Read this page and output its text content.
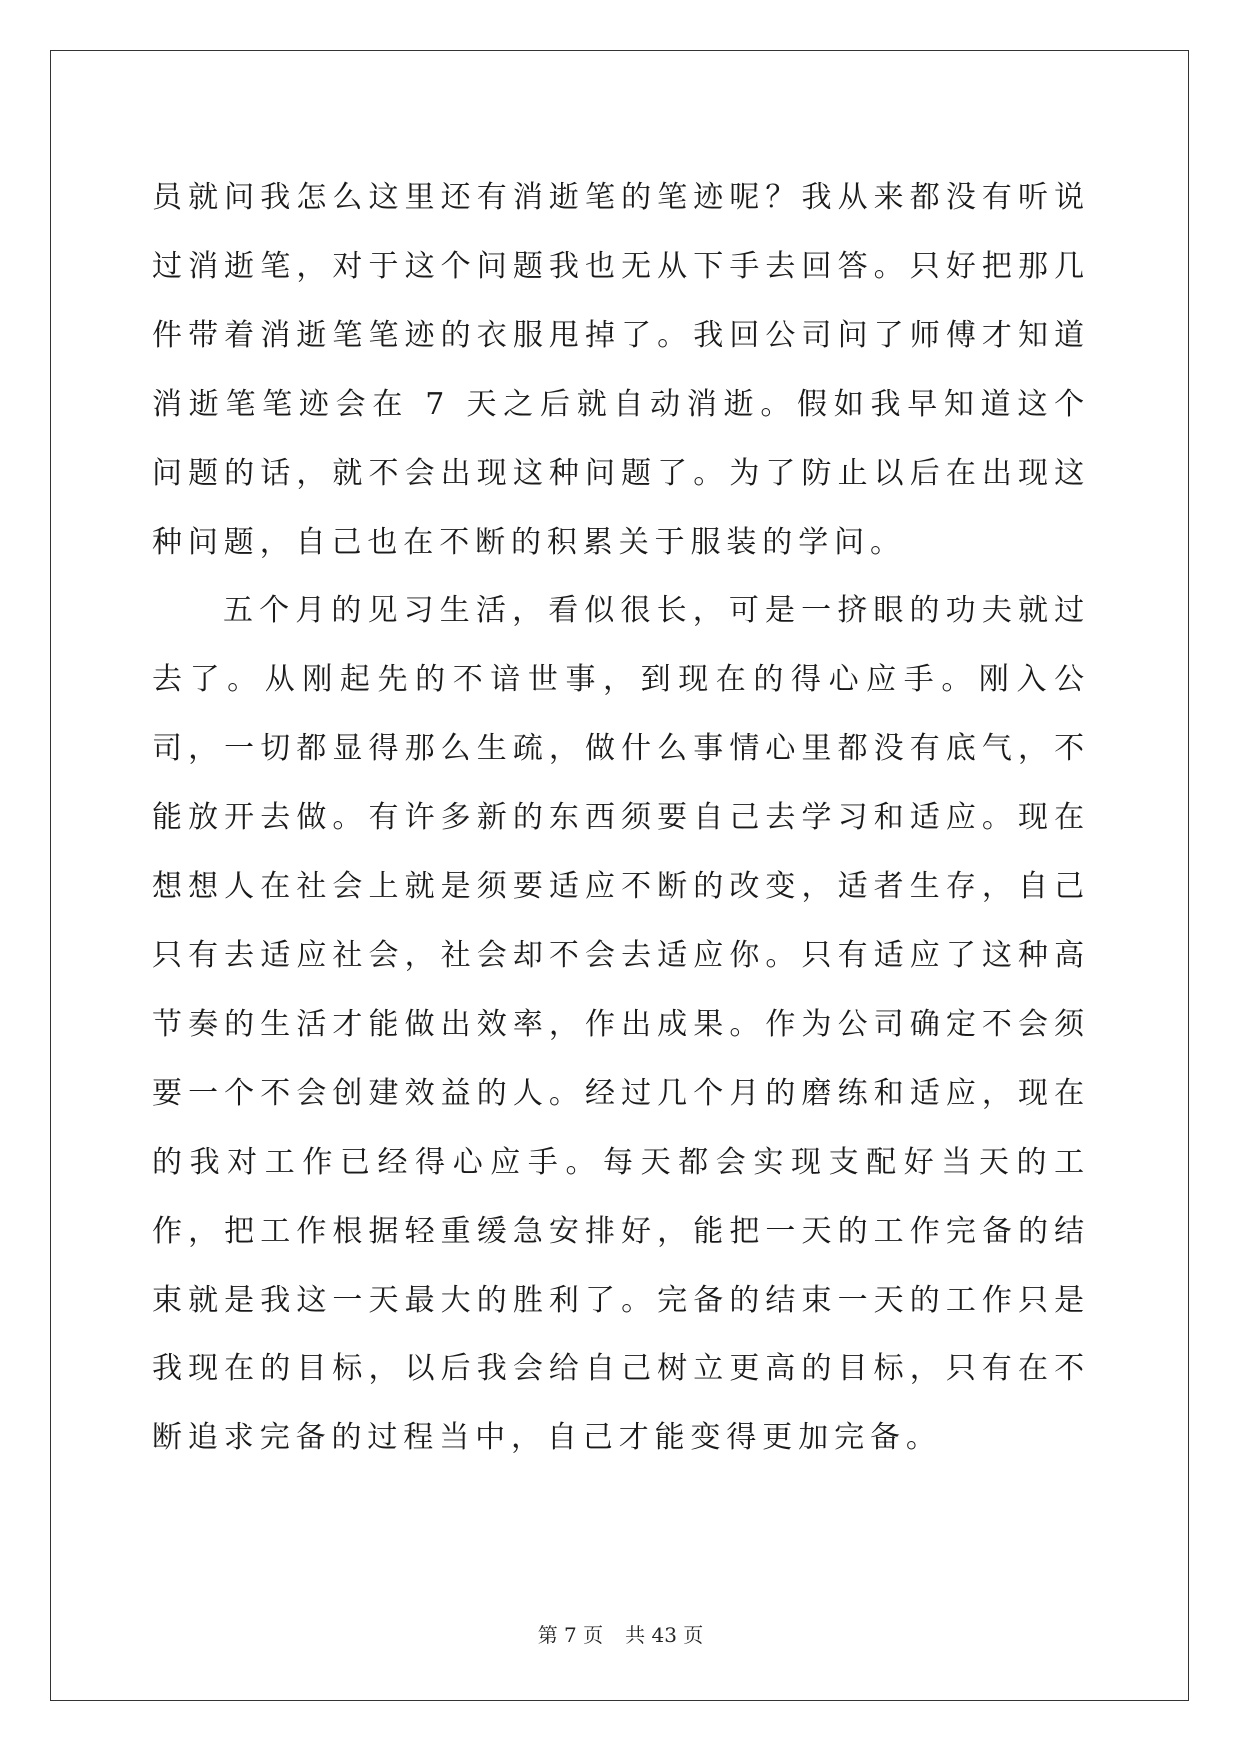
员就问我怎么这里还有消逝笔的笔迹呢？我从来都没有听说过消逝笔，对于这个问题我也无从下手去回答。只好把那几件带着消逝笔笔迹的衣服甩掉了。我回公司问了师傅才知道消逝笔笔迹会在 7 天之后就自动消逝。假如我早知道这个问题的话，就不会出现这种问题了。为了防止以后在出现这种问题，自己也在不断的积累关于服装的学问。

五个月的见习生活，看似很长，可是一挤眼的功夫就过去了。从刚起先的不谙世事，到现在的得心应手。刚入公司，一切都显得那么生疏，做什么事情心里都没有底气，不能放开去做。有许多新的东西须要自己去学习和适应。现在想想人在社会上就是须要适应不断的改变，适者生存，自己只有去适应社会，社会却不会去适应你。只有适应了这种高节奏的生活才能做出效率，作出成果。作为公司确定不会须要一个不会创建效益的人。经过几个月的磨练和适应，现在的我对工作已经得心应手。每天都会实现支配好当天的工作，把工作根据轻重缓急安排好，能把一天的工作完备的结束就是我这一天最大的胜利了。完备的结束一天的工作只是我现在的目标，以后我会给自己树立更高的目标，只有在不断追求完备的过程当中，自己才能变得更加完备。

第 7 页 共 43 页
